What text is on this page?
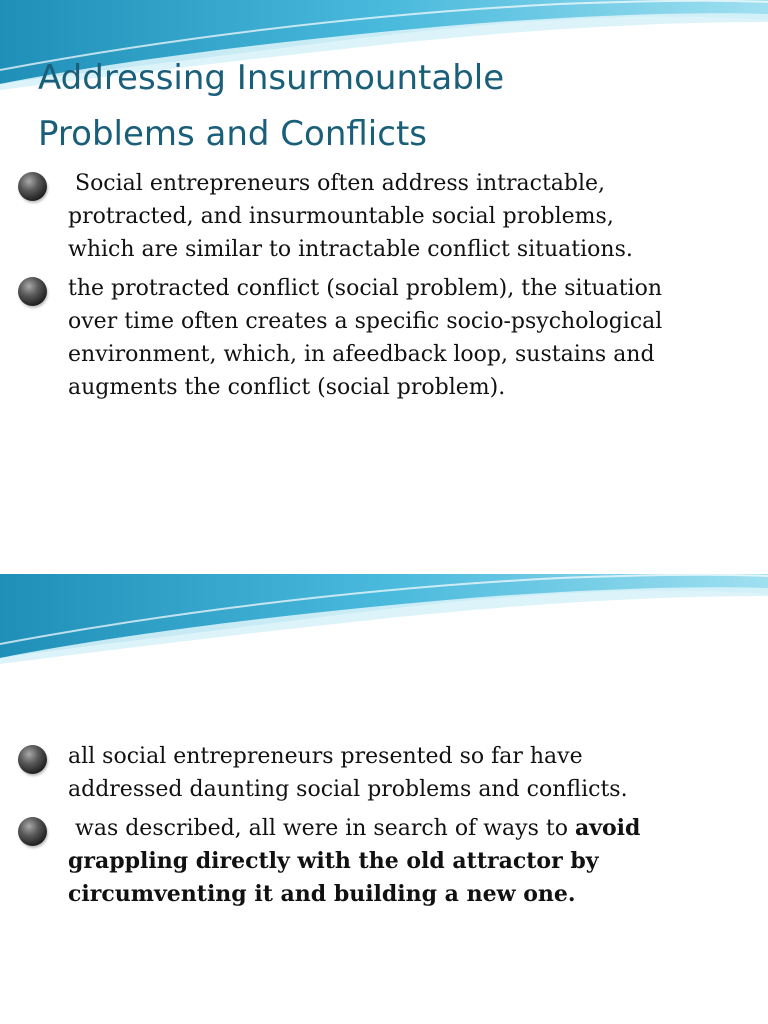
Addressing Insurmountable
Problems and Conflicts
Social entrepreneurs often address intractable,
protracted, and insurmountable social problems,
which are similar to intractable conflict situations.
the protracted conflict (social problem), the situation
over time often creates a specific socio-psychological
environment, which, in afeedback loop, sustains and
augments the conflict (social problem).
all social entrepreneurs presented so far have
addressed daunting social problems and conflicts.
was described, all were in search of ways to avoid
grappling directly with the old attractor by
circumventing it and building a new one.
